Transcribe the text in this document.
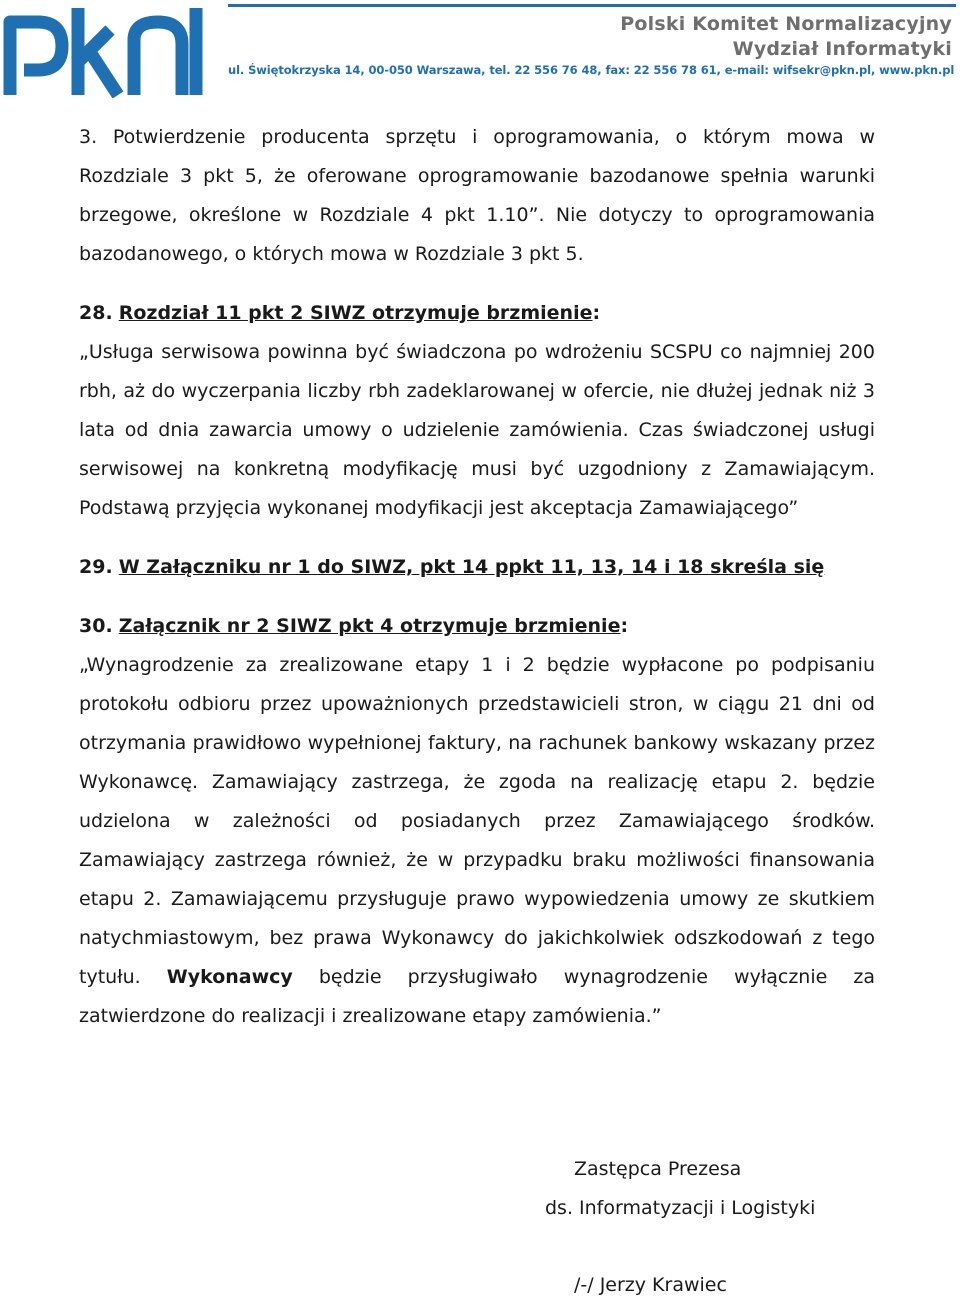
Polski Komitet Normalizacyjny
Wydział Informatyki
ul. Świętokrzyska 14, 00-050 Warszawa, tel. 22 556 76 48, fax: 22 556 78 61, e-mail: wifsekr@pkn.pl, www.pkn.pl

3. Potwierdzenie producenta sprzętu i oprogramowania, o którym mowa w Rozdziale 3 pkt 5, że oferowane oprogramowanie bazodanowe spełnia warunki brzegowe, określone w Rozdziale 4 pkt 1.10”. Nie dotyczy to oprogramowania bazodanowego, o których mowa w Rozdziale 3 pkt 5.

28. Rozdział 11 pkt 2 SIWZ otrzymuje brzmienie:

„Usługa serwisowa powinna być świadczona po wdrożeniu SCSPU co najmniej 200 rbh, aż do wyczerpania liczby rbh zadeklarowanej w ofercie, nie dłużej jednak niż 3 lata od dnia zawarcia umowy o udzielenie zamówienia. Czas świadczonej usługi serwisowej na konkretną modyfikację musi być uzgodniony z Zamawiającym. Podstawą przyjęcia wykonanej modyfikacji jest akceptacja Zamawiającego”

29. W Załączniku nr 1 do SIWZ, pkt 14 ppkt 11, 13, 14 i 18 skreśla się

30. Załącznik nr 2 SIWZ pkt 4 otrzymuje brzmienie:

„Wynagrodzenie za zrealizowane etapy 1 i 2 będzie wypłacone po podpisaniu protokołu odbioru przez upoważnionych przedstawicieli stron, w ciągu 21 dni od otrzymania prawidłowo wypełnionej faktury, na rachunek bankowy wskazany przez Wykonawcę. Zamawiający zastrzega, że zgoda na realizację etapu 2. będzie udzielona w zależności od posiadanych przez Zamawiającego środków. Zamawiający zastrzega również, że w przypadku braku możliwości finansowania etapu 2. Zamawiającemu przysługuje prawo wypowiedzenia umowy ze skutkiem natychmiastowym, bez prawa Wykonawcy do jakichkolwiek odszkodowań z tego tytułu. Wykonawcy będzie przysługiwało wynagrodzenie wyłącznie za zatwierdzone do realizacji i zrealizowane etapy zamówienia.”

Zastępca Prezesa
ds. Informatyzacji i Logistyki
/-/ Jerzy Krawiec
